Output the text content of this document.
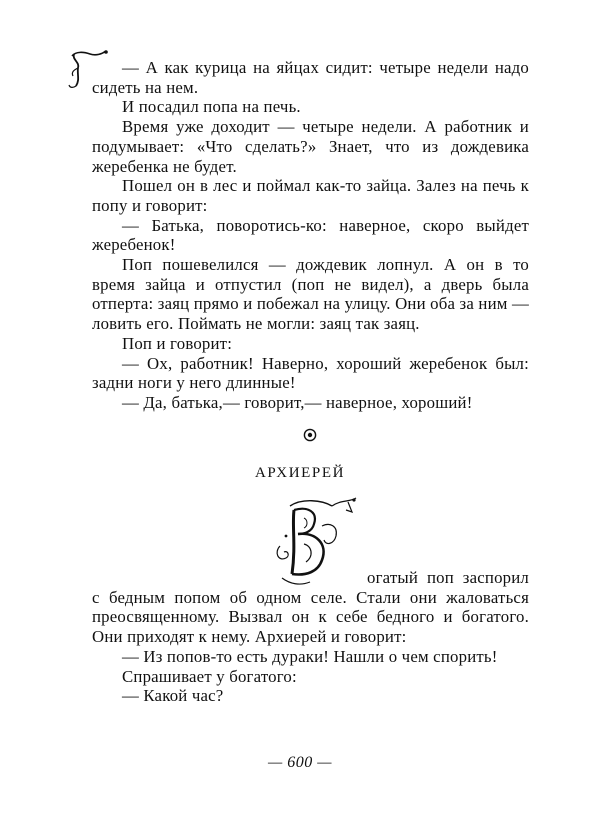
— А как курица на яйцах сидит: четыре недели надо сидеть на нем.

И посадил попа на печь.

Время уже доходит — четыре недели. А работник и подумывает: «Что сделать?» Знает, что из дождевика жеребенка не будет.

Пошел он в лес и поймал как-то зайца. Залез на печь к попу и говорит:

— Батька, поворотись-ко: наверное, скоро выйдет жеребенок!

Поп пошевелился — дождевик лопнул. А он в то время зайца и отпустил (поп не видел), а дверь была отперта: заяц прямо и побежал на улицу. Они оба за ним — ловить его. Поймать не могли: заяц так заяц.

Поп и говорит:

— Ох, работник! Наверно, хороший жеребенок был: задни ноги у него длинные!

— Да, батька,— говорит,— наверное, хороший!

АРХИЕРЕЙ

огатый поп заспорил с бедным попом об одном селе. Стали они жаловаться преосвященному. Вызвал он к себе бедного и богатого. Они приходят к нему. Архиерей и говорит:

— Из попов-то есть дураки! Нашли о чем спорить!

Спрашивает у богатого:

— Какой час?

— 600 —
